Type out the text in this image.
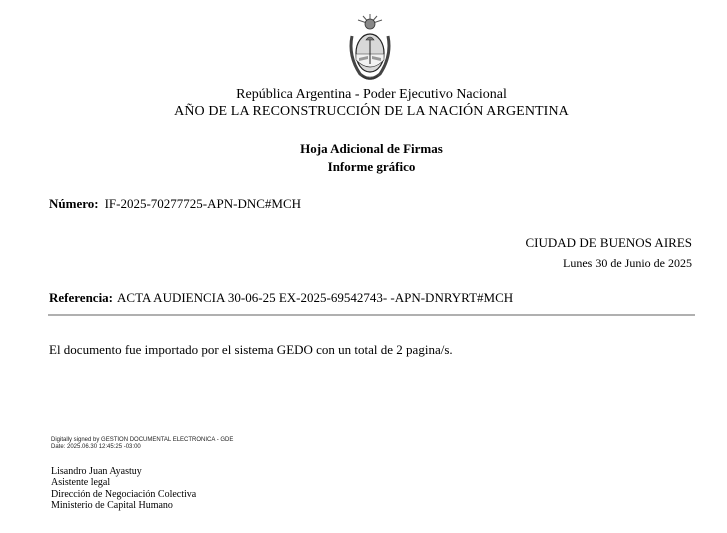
República Argentina - Poder Ejecutivo Nacional
AÑO DE LA RECONSTRUCCIÓN DE LA NACIÓN ARGENTINA
Hoja Adicional de Firmas
Informe gráfico
Número: IF-2025-70277725-APN-DNC#MCH
CIUDAD DE BUENOS AIRES
Lunes 30 de Junio de 2025
Referencia: ACTA AUDIENCIA 30-06-25 EX-2025-69542743- -APN-DNRYRT#MCH
El documento fue importado por el sistema GEDO con un total de 2 pagina/s.
Digitally signed by GESTION DOCUMENTAL ELECTRONICA - GDE
Date: 2025.06.30 12:45:25 -03:00
Lisandro Juan Ayastuy
Asistente legal
Dirección de Negociación Colectiva
Ministerio de Capital Humano
